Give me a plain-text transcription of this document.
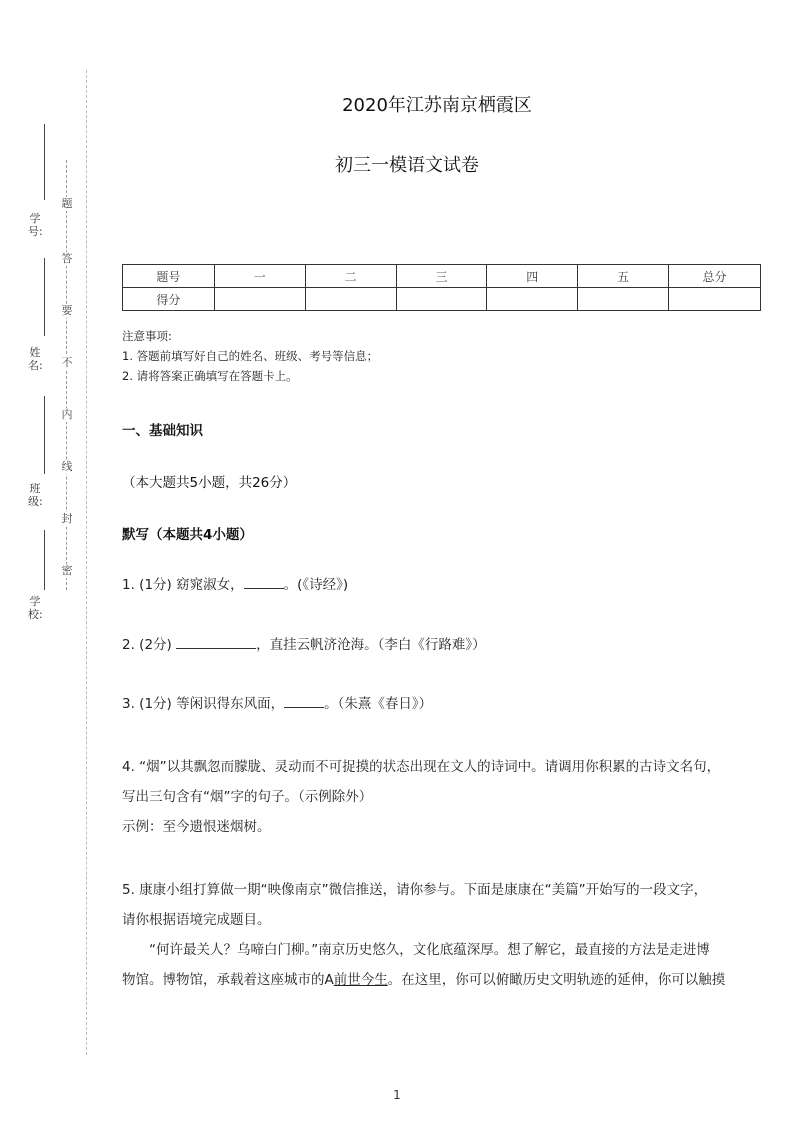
题
答
要
不
内
线
封
密
学号:
姓名:
班级:
学校:
2020年江苏南京栖霞区
初三一模语文试卷
题号	一	二	三	四	五	总分
得分						
注意事项:
1. 答题前填写好自己的姓名、班级、考号等信息；
2. 请将答案正确填写在答题卡上。
一、基础知识
（本大题共5小题，共26分）
默写（本题共4小题）
1. (1分) 窈窕淑女，	。(《诗经》)
2. (2分)	，直挂云帆济沧海。（李白《行路难》）
3. (1分) 等闲识得东风面，	。（朱熹《春日》）
4. “烟”以其飘忽而朦胧、灵动而不可捉摸的状态出现在文人的诗词中。请调用你积累的古诗文名句，
写出三句含有“烟”字的句子。（示例除外）
示例：至今遗恨迷烟树。
5. 康康小组打算做一期“映像南京”微信推送，请你参与。下面是康康在“美篇”开始写的一段文字，
请你根据语境完成题目。
“何许最关人？乌啼白门柳。”南京历史悠久，文化底蕴深厚。想了解它，最直接的方法是走进博
物馆。博物馆，承载着这座城市的A前世今生。在这里，你可以俯瞰历史文明轨迹的延伸，你可以触摸
1
